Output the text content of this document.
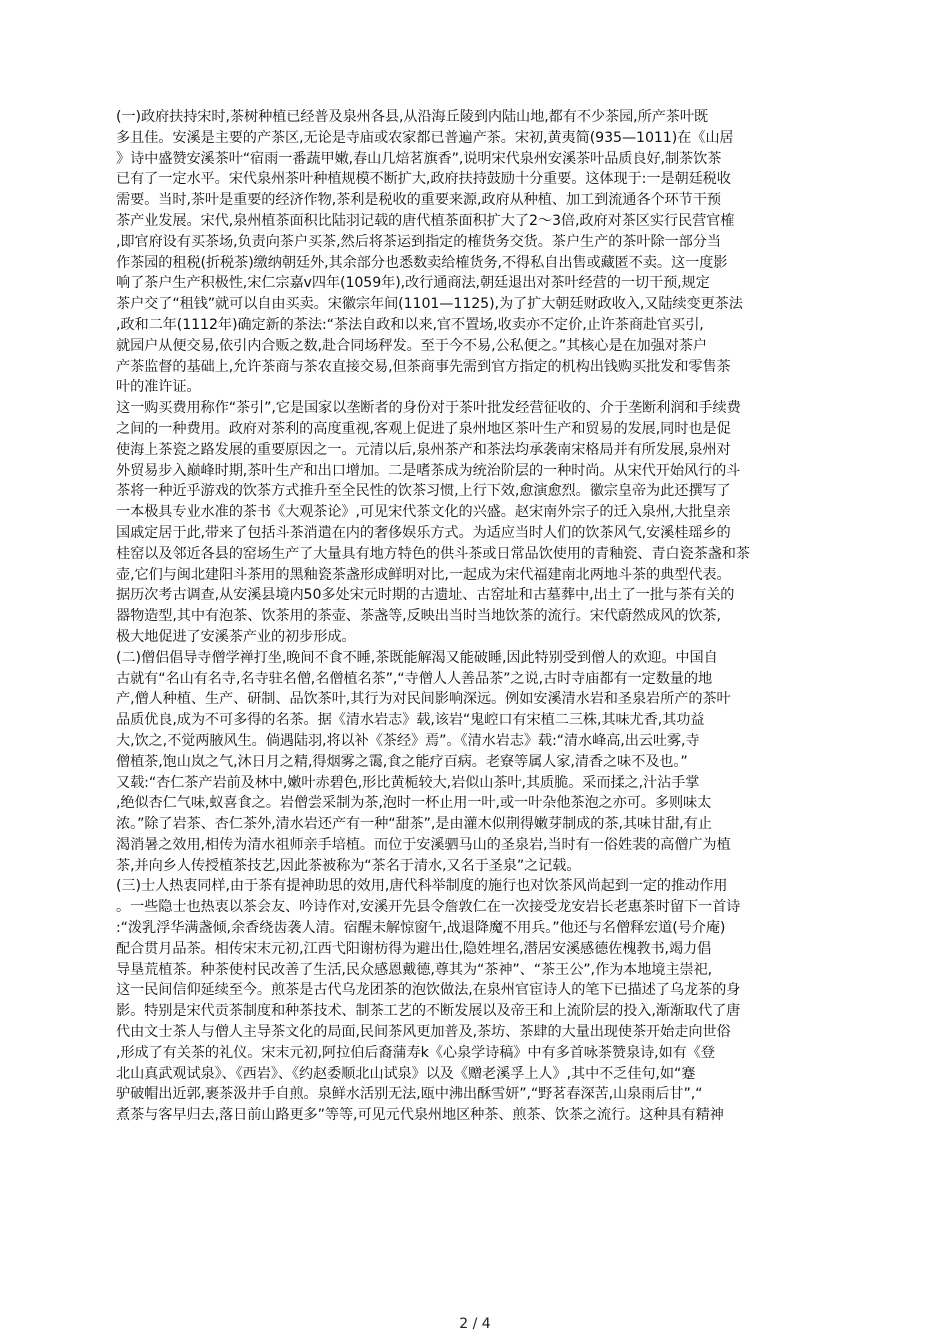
(一)政府扶持宋时,茶树种植已经普及泉州各县,从沿海丘陵到内陆山地,都有不少茶园,所产茶叶既
多且佳。安溪是主要的产茶区,无论是寺庙或农家都已普遍产茶。宋初,黄夷简(935—1011)在《山居
》诗中盛赞安溪茶叶“宿雨一番蔬甲嫩,春山几焙茗旗香”,说明宋代泉州安溪茶叶品质良好,制茶饮茶
已有了一定水平。宋代泉州茶叶种植规模不断扩大,政府扶持鼓励十分重要。这体现于:一是朝廷税收
需要。当时,茶叶是重要的经济作物,茶利是税收的重要来源,政府从种植、加工到流通各个环节干预
茶产业发展。宋代,泉州植茶面积比陆羽记载的唐代植茶面积扩大了2～3倍,政府对茶区实行民营官榷
,即官府设有买茶场,负责向茶户买茶,然后将茶运到指定的榷货务交货。茶户生产的茶叶除一部分当
作茶园的租税(折税茶)缴纳朝廷外,其余部分也悉数卖给榷货务,不得私自出售或藏匿不卖。这一度影
响了茶户生产积极性,宋仁宗嘉v四年(1059年),改行通商法,朝廷退出对茶叶经营的一切干预,规定
茶户交了“租钱”就可以自由买卖。宋徽宗年间(1101—1125),为了扩大朝廷财政收入,又陆续变更茶法
,政和二年(1112年)确定新的茶法:“茶法自政和以来,官不置场,收卖亦不定价,止许茶商赴官买引,
就园户从便交易,依引内合贩之数,赴合同场秤发。至于今不易,公私便之。”其核心是在加强对茶户
产茶监督的基础上,允许茶商与茶农直接交易,但茶商事先需到官方指定的机构出钱购买批发和零售茶
叶的准许证。
这一购买费用称作“茶引”,它是国家以垄断者的身份对于茶叶批发经营征收的、介于垄断利润和手续费
之间的一种费用。政府对茶利的高度重视,客观上促进了泉州地区茶叶生产和贸易的发展,同时也是促
使海上茶瓷之路发展的重要原因之一。元清以后,泉州茶产和茶法均承袭南宋格局并有所发展,泉州对
外贸易步入巅峰时期,茶叶生产和出口增加。二是嗜茶成为统治阶层的一种时尚。从宋代开始风行的斗
茶将一种近乎游戏的饮茶方式推升至全民性的饮茶习惯,上行下效,愈演愈烈。徽宗皇帝为此还撰写了
一本极具专业水准的茶书《大观茶论》,可见宋代茶文化的兴盛。赵宋南外宗子的迁入泉州,大批皇亲
国戚定居于此,带来了包括斗茶消遣在内的奢侈娱乐方式。为适应当时人们的饮茶风气,安溪桂瑶乡的
桂窑以及邻近各县的窑场生产了大量具有地方特色的供斗茶或日常品饮使用的青釉瓷、青白瓷茶盏和茶
壶,它们与闽北建阳斗茶用的黑釉瓷茶盏形成鲜明对比,一起成为宋代福建南北两地斗茶的典型代表。
据历次考古调查,从安溪县境内50多处宋元时期的古遗址、古窑址和古墓葬中,出土了一批与茶有关的
器物造型,其中有泡茶、饮茶用的茶壶、茶盏等,反映出当时当地饮茶的流行。宋代蔚然成风的饮茶,
极大地促进了安溪茶产业的初步形成。
(二)僧侣倡导寺僧学禅打坐,晚间不食不睡,茶既能解渴又能破睡,因此特别受到僧人的欢迎。中国自
古就有“名山有名寺,名寺驻名僧,名僧植名茶”,“寺僧人人善品茶”之说,古时寺庙都有一定数量的地
产,僧人种植、生产、研制、品饮茶叶,其行为对民间影响深远。例如安溪清水岩和圣泉岩所产的茶叶
品质优良,成为不可多得的名茶。据《清水岩志》载,该岩“鬼崆口有宋植二三株,其味尤香,其功益
大,饮之,不觉两腋风生。倘遇陆羽,将以补《茶经》焉”。《清水岩志》载:“清水峰高,出云吐雾,寺
僧植茶,饱山岚之气,沐日月之精,得烟雾之霭,食之能疗百病。老寮等属人家,清香之味不及也。”
又载:“杏仁茶产岩前及林中,嫩叶赤碧色,形比黄栀较大,岩似山茶叶,其质脆。采而揉之,汁沾手掌
,绝似杏仁气味,蚁喜食之。岩僧尝采制为茶,泡时一杯止用一叶,或一叶杂他茶泡之亦可。多则味太
浓。”除了岩茶、杏仁茶外,清水岩还产有一种“甜茶”,是由灌木似荆得嫩芽制成的茶,其味甘甜,有止
渴消暑之效用,相传为清水祖师亲手培植。而位于安溪驷马山的圣泉岩,当时有一俗姓裴的高僧广为植
茶,并向乡人传授植茶技艺,因此茶被称为“茶名于清水,又名于圣泉”之记载。
(三)士人热衷同样,由于茶有提神助思的效用,唐代科举制度的施行也对饮茶风尚起到一定的推动作用
。一些隐士也热衷以茶会友、吟诗作对,安溪开先县令詹敦仁在一次接受龙安岩长老惠茶时留下一首诗
:“泼乳浮华满盏倾,余香绕齿袭人清。宿醒未解惊窗午,战退降魔不用兵。”他还与名僧释宏道(号介庵)
配合贯月品茶。相传宋末元初,江西弋阳谢枋得为避出仕,隐姓埋名,潜居安溪感德佐槐教书,竭力倡
导垦荒植茶。种茶使村民改善了生活,民众感恩戴德,尊其为“茶神”、“茶王公”,作为本地境主崇祀,
这一民间信仰延续至今。煎茶是古代乌龙团茶的泡饮做法,在泉州官宦诗人的笔下已描述了乌龙茶的身
影。特别是宋代贡茶制度和种茶技术、制茶工艺的不断发展以及帝王和上流阶层的投入,渐渐取代了唐
代由文士茶人与僧人主导茶文化的局面,民间茶风更加普及,茶坊、茶肆的大量出现使茶开始走向世俗
,形成了有关茶的礼仪。宋末元初,阿拉伯后裔蒲寿k《心泉学诗稿》中有多首咏茶赞泉诗,如有《登
北山真武观试泉》、《西岩》、《约赵委顺北山试泉》以及《赠老溪孚上人》,其中不乏佳句,如“蹇
驴破帽出近郭,裹茶汲井手自煎。泉鲜水活别无法,瓯中沸出酥雪妍”,“野茗春深苦,山泉雨后甘”,“
煮茶与客早归去,落日前山路更多”等等,可见元代泉州地区种茶、煎茶、饮茶之流行。这种具有精神
2 / 4
